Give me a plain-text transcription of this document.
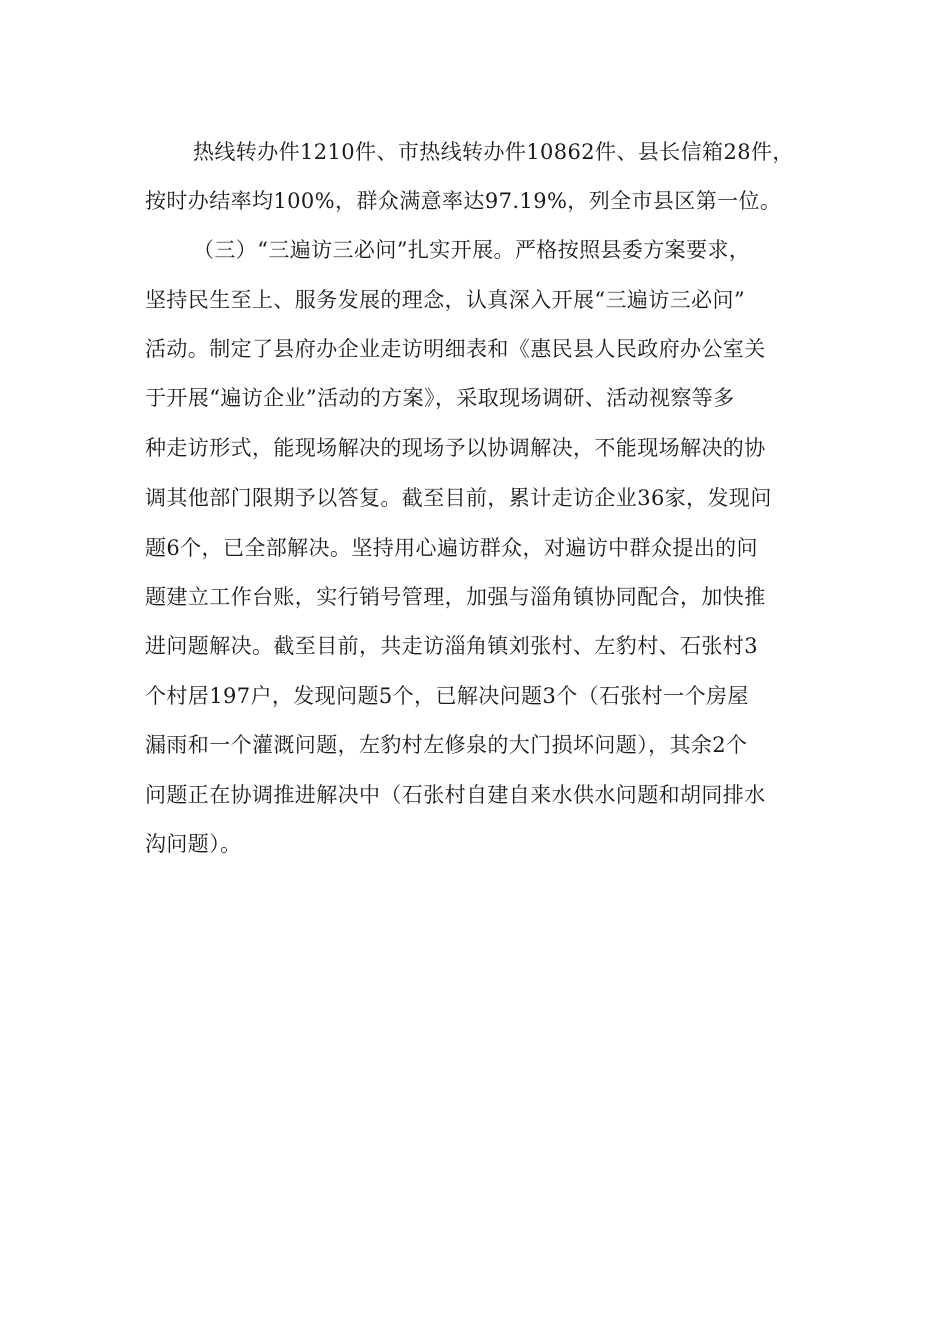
热线转办件1210件、市热线转办件10862件、县长信箱28件，
按时办结率均100%，群众满意率达97.19%，列全市县区第一位。
（三）“三遍访三必问”扎实开展。严格按照县委方案要求，
坚持民生至上、服务发展的理念，认真深入开展“三遍访三必问”
活动。制定了县府办企业走访明细表和《惠民县人民政府办公室关
于开展“遍访企业”活动的方案》，采取现场调研、活动视察等多
种走访形式，能现场解决的现场予以协调解决，不能现场解决的协
调其他部门限期予以答复。截至目前，累计走访企业36家，发现问
题6个，已全部解决。坚持用心遍访群众，对遍访中群众提出的问
题建立工作台账，实行销号管理，加强与淄角镇协同配合，加快推
进问题解决。截至目前，共走访淄角镇刘张村、左豹村、石张村3
个村居197户，发现问题5个，已解决问题3个（石张村一个房屋
漏雨和一个灌溉问题，左豹村左修泉的大门损坏问题），其余2个
问题正在协调推进解决中（石张村自建自来水供水问题和胡同排水
沟问题）。
